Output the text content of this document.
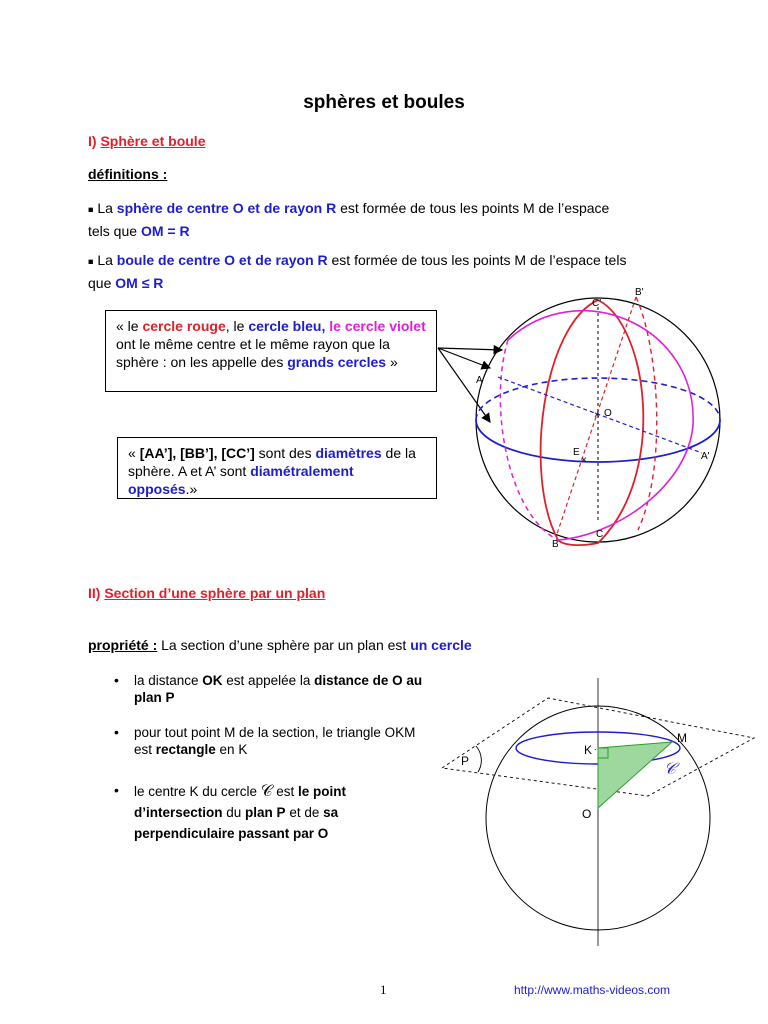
sphères et boules
I) Sphère et boule
définitions :
■ La sphère de centre O et de rayon R est formée de tous les points M de l’espace
tels que OM = R
■ La boule de centre O et de rayon R est formée de tous les points M de l’espace tels
que OM ≤ R
« le cercle rouge, le cercle bleu, le cercle violet ont le même centre et le même rayon que la sphère : on les appelle des grands cercles »
« [AA’], [BB’], [CC’] sont des diamètres de la sphère. A et A’ sont diamétralement opposés.»
A
A'
B
B'
C
C'
O
E
×
×
II) Section d’une sphère par un plan
propriété : La section d’une sphère par un plan est un cercle
• la distance OK est appelée la distance de O au plan P
• pour tout point M de la section, le triangle OKM est rectangle en K
• le centre K du cercle 𝒞 est le point d’intersection du plan P et de sa perpendiculaire passant par O
K
M
O
P	𝒞
·
1	http://www.maths-videos.com
